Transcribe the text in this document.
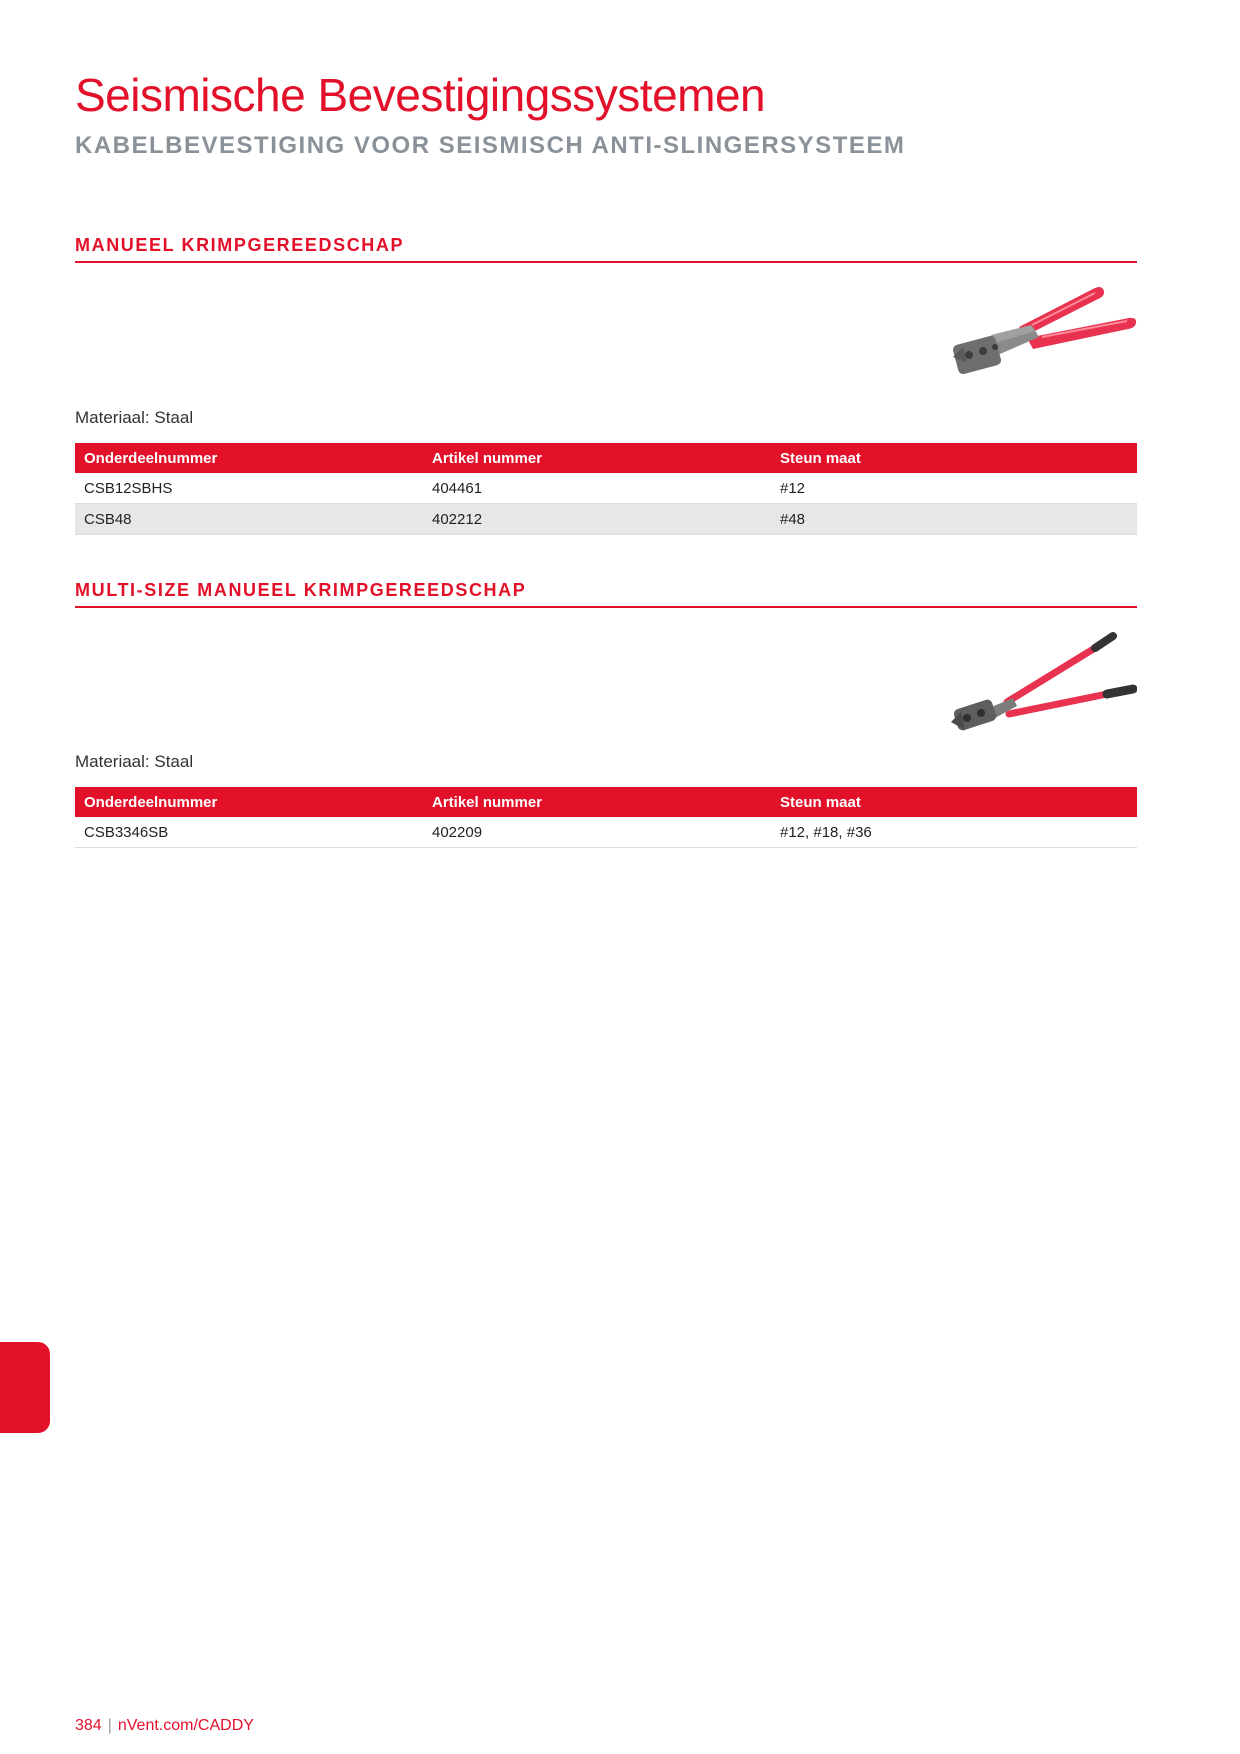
Seismische Bevestigingssystemen
KABELBEVESTIGING VOOR SEISMISCH ANTI-SLINGERSYSTEEM
MANUEEL KRIMPGEREEDSCHAP
Materiaal: Staal
Onderdeelnummer	Artikel nummer	Steun maat
CSB12SBHS	404461	#12
CSB48	402212	#48
MULTI-SIZE MANUEEL KRIMPGEREEDSCHAP
Materiaal: Staal
Onderdeelnummer	Artikel nummer	Steun maat
CSB3346SB	402209	#12, #18, #36
384 | nVent.com/CADDY
